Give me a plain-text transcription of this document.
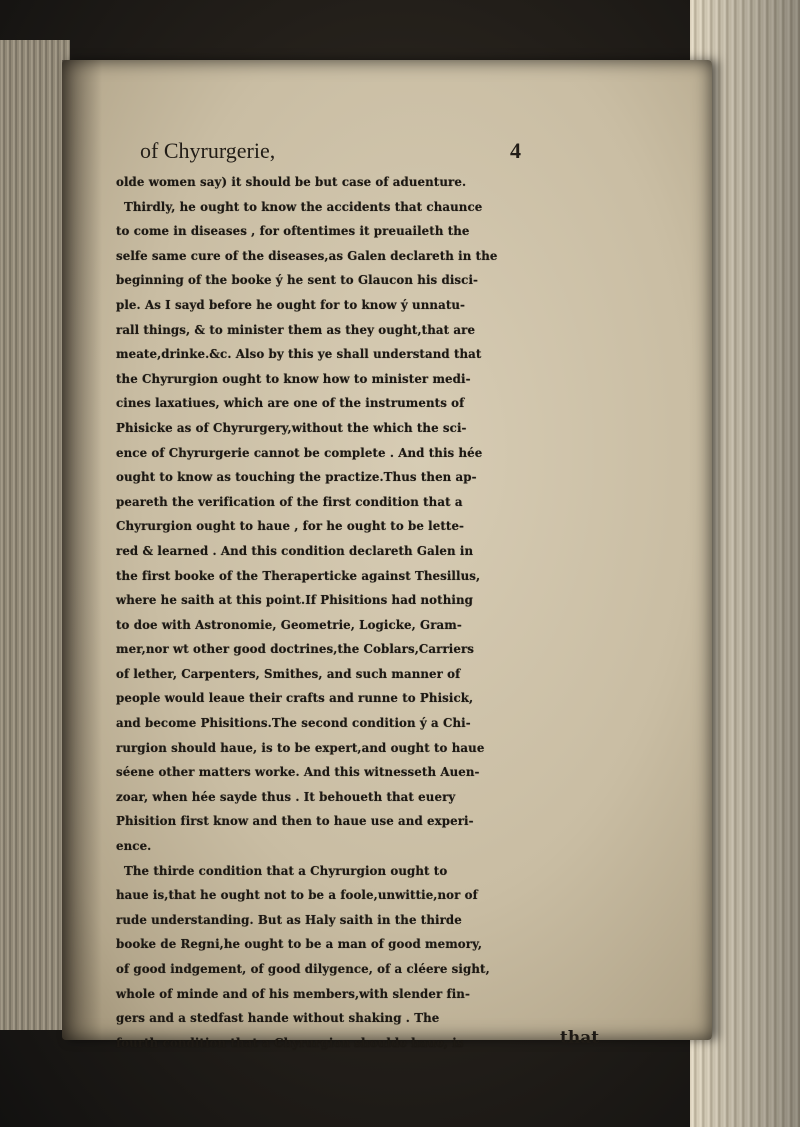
of Chyrurgerie,	4
olde women say) it should be but case of aduenture.
Thirdly, he ought to know the accidents that chaunce
to come in diseases , for oftentimes it preuaileth the
selfe same cure of the diseases,as Galen declareth in the
beginning of the booke ý he sent to Glaucon his disci-
ple. As I sayd before he ought for to know ý unnatu-
rall things, & to minister them as they ought,that are
meate,drinke.&c. Also by this ye shall understand that
the Chyrurgion ought to know how to minister medi-
cines laxatiues, which are one of the instruments of
Phisicke as of Chyrurgery,without the which the sci-
ence of Chyrurgerie cannot be complete . And this hée
ought to know as touching the practize.Thus then ap-
peareth the verification of the first condition that a
Chyrurgion ought to haue , for he ought to be lette-
red & learned . And this condition declareth Galen in
the first booke of the Theraperticke against Thesillus,
where he saith at this point.If Phisitions had nothing
to doe with Astronomie, Geometrie, Logicke, Gram-
mer,nor wt other good doctrines,the Coblars,Carriers
of lether, Carpenters, Smithes, and such manner of
people would leaue their crafts and runne to Phisick,
and become Phisitions.The second condition ý a Chi-
rurgion should haue, is to be expert,and ought to haue
séene other matters worke. And this witnesseth Auen-
zoar, when hée sayde thus . It behoueth that euery
Phisition first know and then to haue use and experi-
ence.
The thirde condition that a Chyrurgion ought to
haue is,that he ought not to be a foole,unwittie,nor of
rude understanding. But as Haly saith in the thirde
booke de Regni,he ought to be a man of good memory,
of good indgement, of good dilygence, of a cléere sight,
whole of minde and of his members,with slender fin-
gers and a stedfast hande without shaking . The
fourth condition that a Chyrurgion shoulde haue, is	that
